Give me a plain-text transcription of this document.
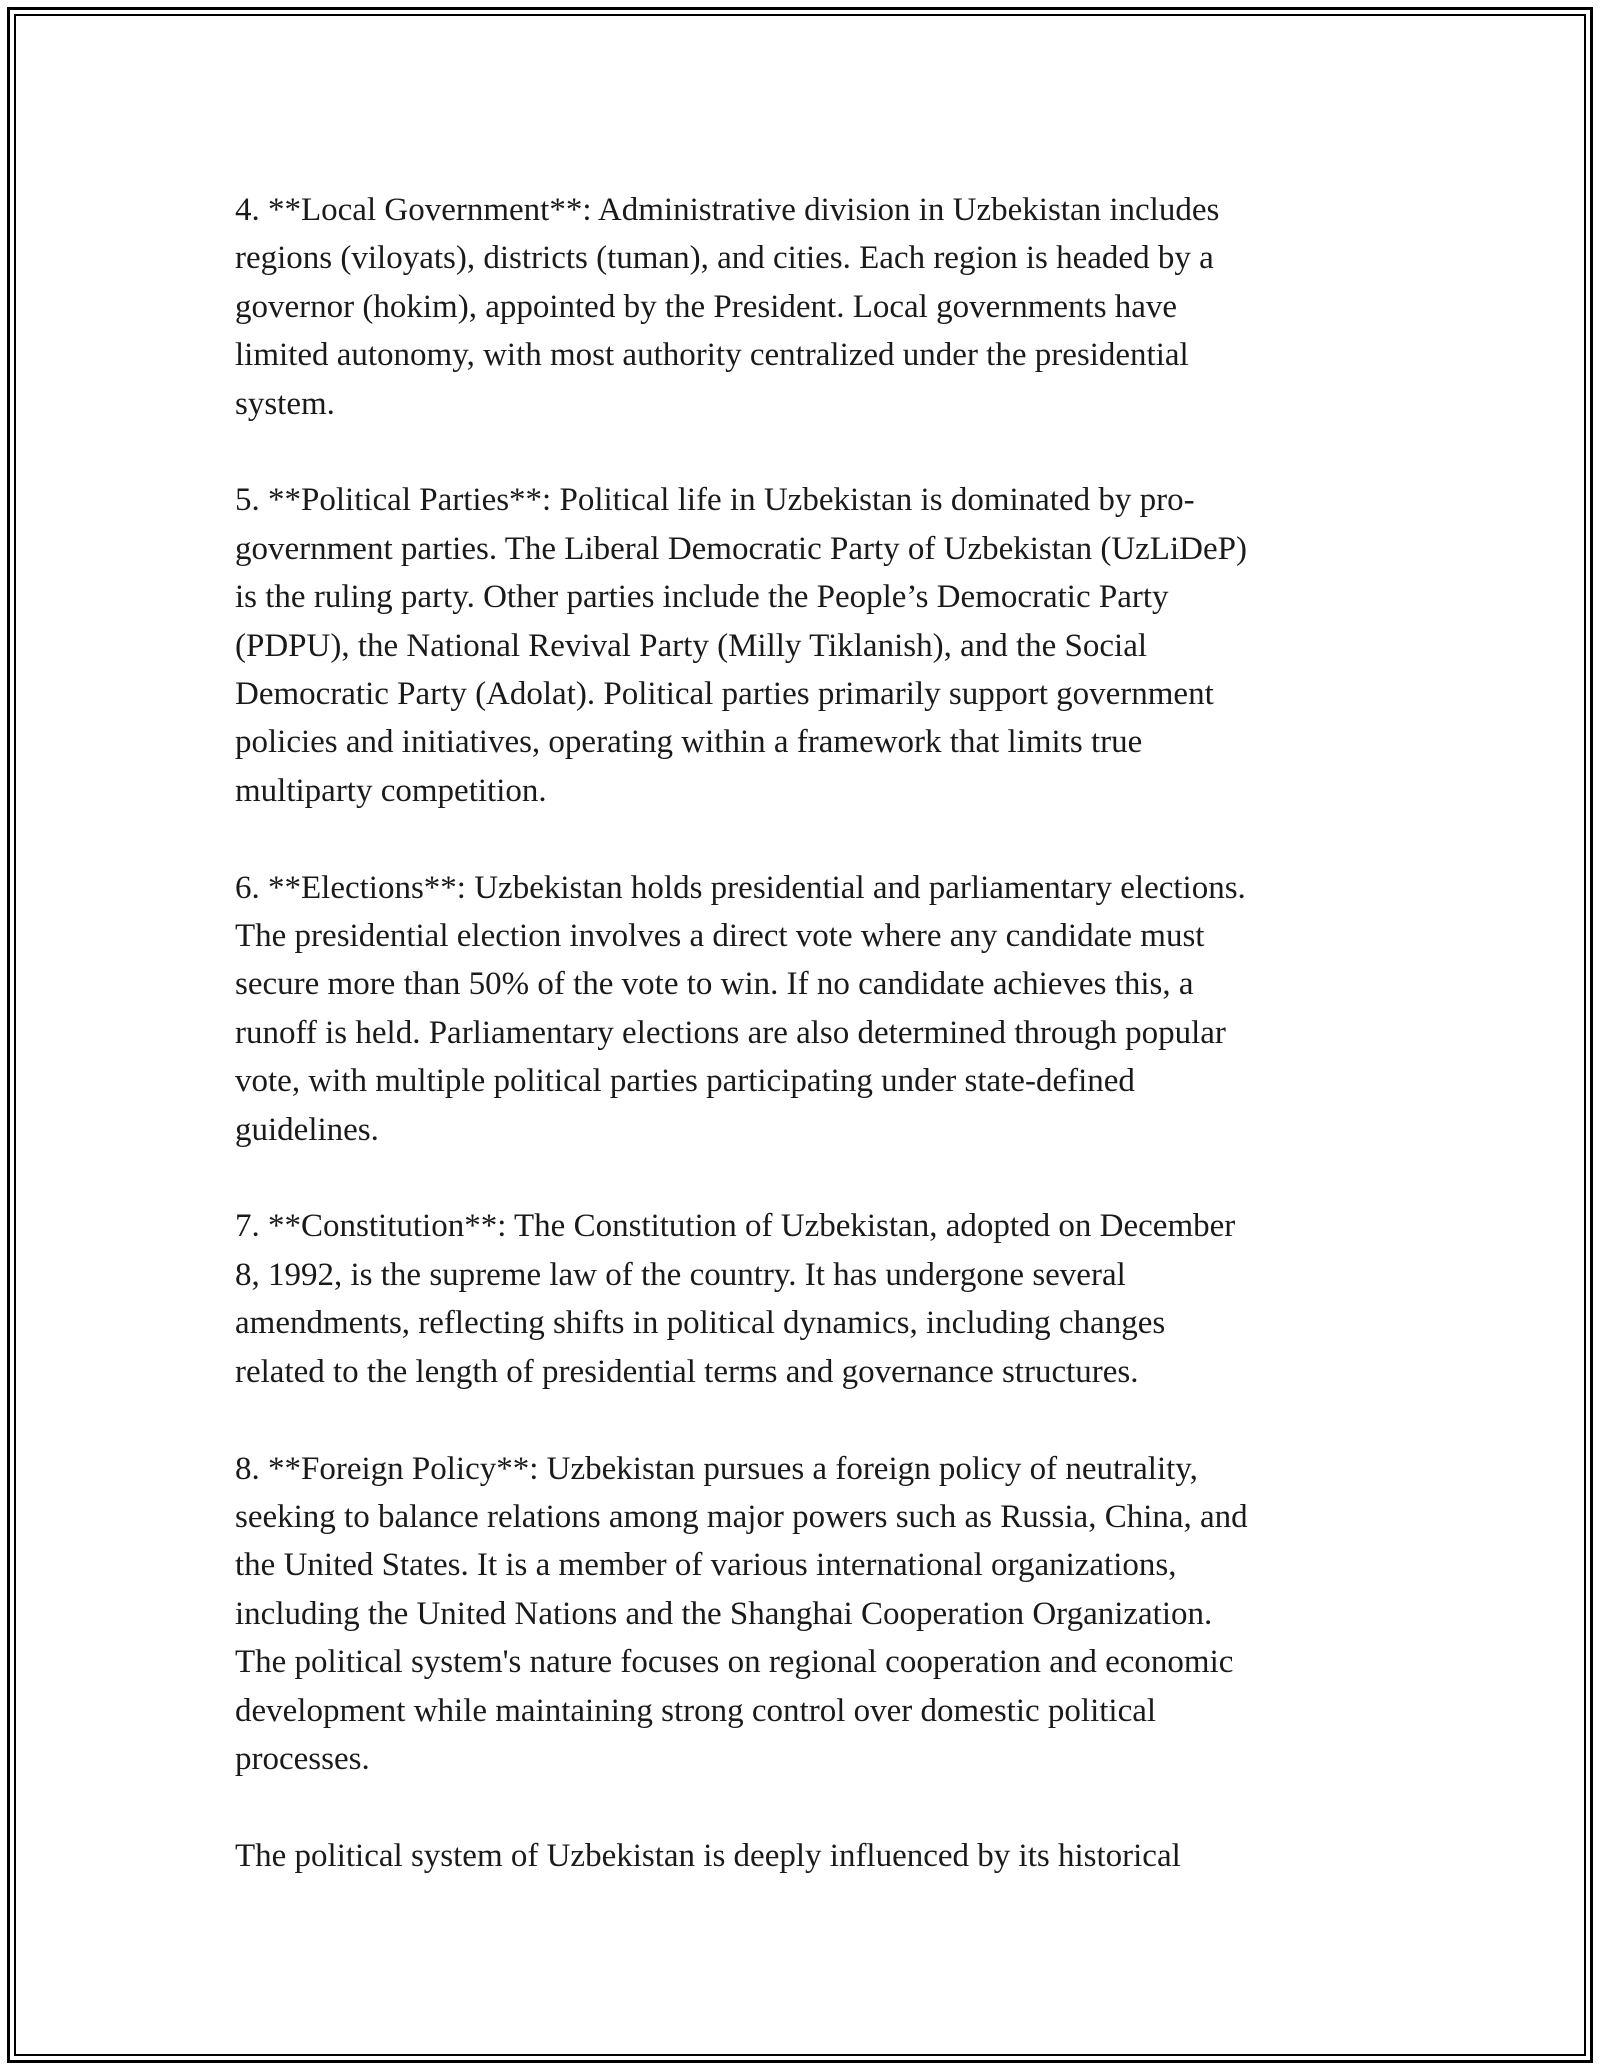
4. **Local Government**: Administrative division in Uzbekistan includes
regions (viloyats), districts (tuman), and cities. Each region is headed by a
governor (hokim), appointed by the President. Local governments have
limited autonomy, with most authority centralized under the presidential
system.

5. **Political Parties**: Political life in Uzbekistan is dominated by pro-
government parties. The Liberal Democratic Party of Uzbekistan (UzLiDeP)
is the ruling party. Other parties include the People’s Democratic Party
(PDPU), the National Revival Party (Milly Tiklanish), and the Social
Democratic Party (Adolat). Political parties primarily support government
policies and initiatives, operating within a framework that limits true
multiparty competition.

6. **Elections**: Uzbekistan holds presidential and parliamentary elections.
The presidential election involves a direct vote where any candidate must
secure more than 50% of the vote to win. If no candidate achieves this, a
runoff is held. Parliamentary elections are also determined through popular
vote, with multiple political parties participating under state-defined
guidelines.

7. **Constitution**: The Constitution of Uzbekistan, adopted on December
8, 1992, is the supreme law of the country. It has undergone several
amendments, reflecting shifts in political dynamics, including changes
related to the length of presidential terms and governance structures.

8. **Foreign Policy**: Uzbekistan pursues a foreign policy of neutrality,
seeking to balance relations among major powers such as Russia, China, and
the United States. It is a member of various international organizations,
including the United Nations and the Shanghai Cooperation Organization.
The political system's nature focuses on regional cooperation and economic
development while maintaining strong control over domestic political
processes.

The political system of Uzbekistan is deeply influenced by its historical
